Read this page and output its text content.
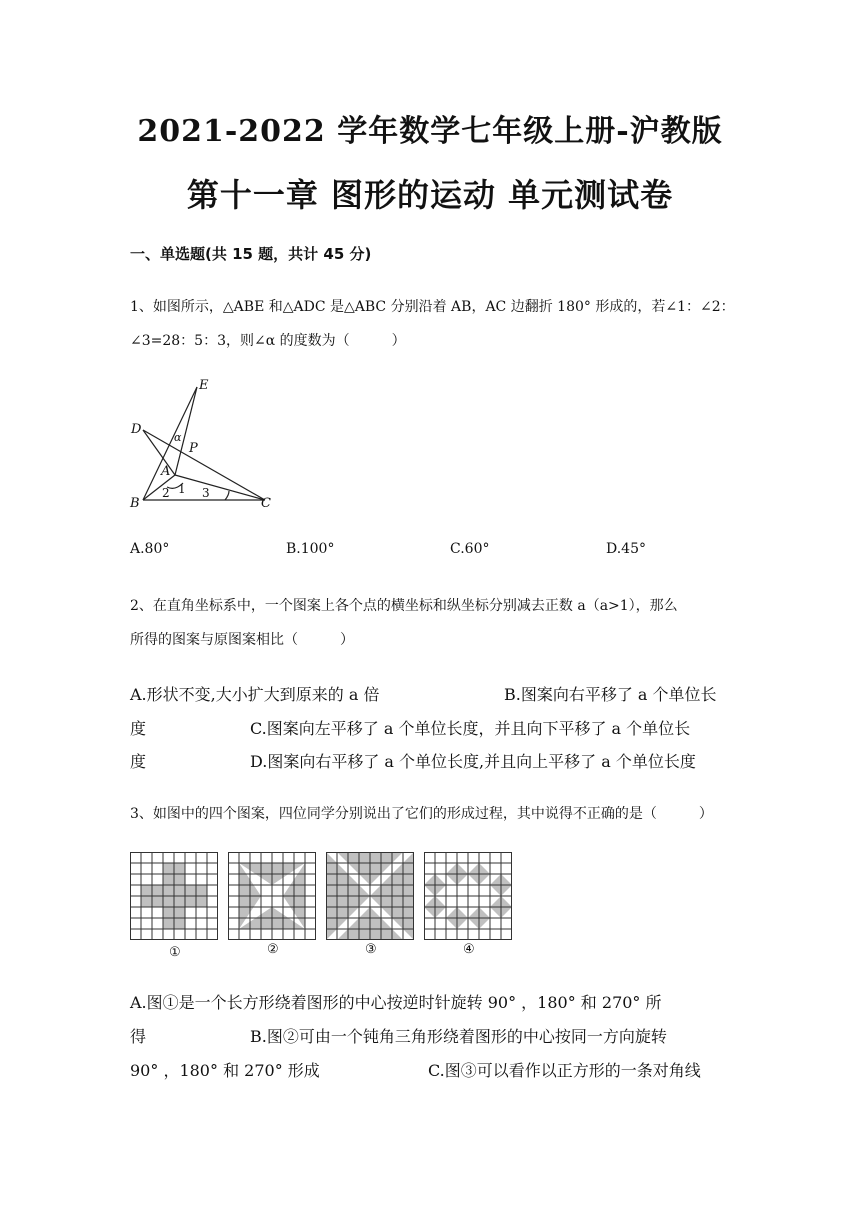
2021-2022 学年数学七年级上册-沪教版
第十一章 图形的运动 单元测试卷
一、单选题(共 15 题，共计 45 分)
1、如图所示，△ABE 和△ADC 是△ABC 分别沿着 AB，AC 边翻折 180° 形成的，若∠1：∠2：
∠3=28：5：3，则∠α 的度数为（　　　）
E
D
α
P
A
B	C
1
2	3
A.80°	B.100°	C.60°	D.45°
2、在直角坐标系中，一个图案上各个点的横坐标和纵坐标分别减去正数 a（a>1），那么
所得的图案与原图案相比（　　　）
A.形状不变,大小扩大到原来的 a 倍	B.图案向右平移了 a 个单位长
度	C.图案向左平移了 a 个单位长度，并且向下平移了 a 个单位长
度	D.图案向右平移了 a 个单位长度,并且向上平移了 a 个单位长度
3、如图中的四个图案，四位同学分别说出了它们的形成过程，其中说得不正确的是（　　　）
①	②	③	④
A.图①是一个长方形绕着图形的中心按逆时针旋转 90° ，180° 和 270° 所
得	B.图②可由一个钝角三角形绕着图形的中心按同一方向旋转
90° ，180° 和 270° 形成	C.图③可以看作以正方形的一条对角线
